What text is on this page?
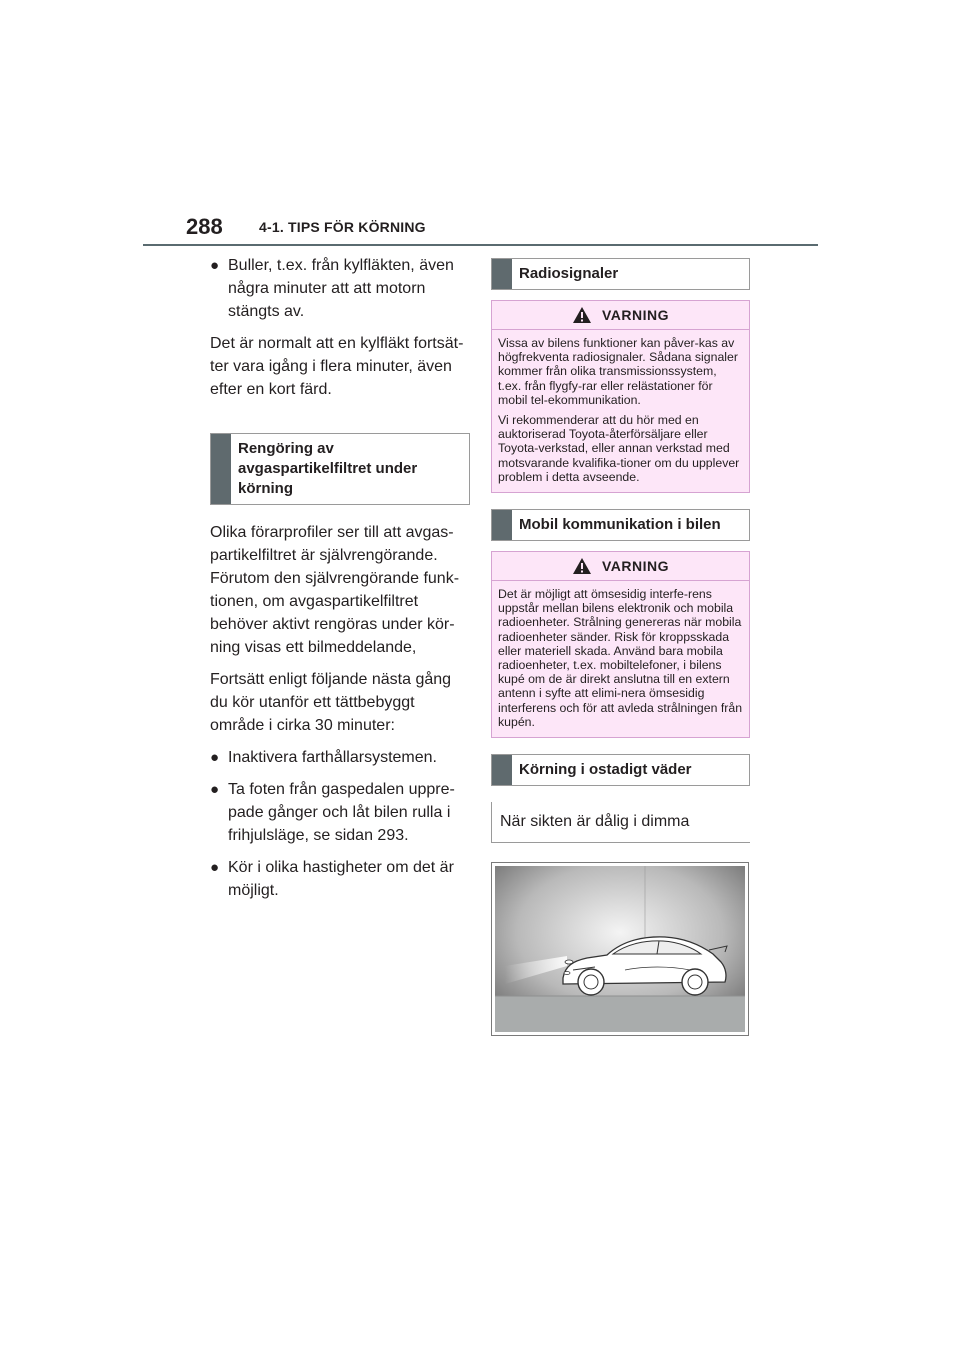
288	4-1. TIPS FÖR KÖRNING
● Buller, t.ex. från kylfläkten, även några minuter att att motorn stängts av.

Det är normalt att en kylfläkt fortsät-ter vara igång i flera minuter, även efter en kort färd.

Rengöring av avgaspartikelfiltret under körning

Olika förarprofiler ser till att avgas-partikelfiltret är självrengörande. Förutom den självrengörande funk-tionen, om avgaspartikelfiltret behöver aktivt rengöras under kör-ning visas ett bilmeddelande,

Fortsätt enligt följande nästa gång du kör utanför ett tättbebyggt område i cirka 30 minuter:

● Inaktivera farthållarsystemen.
● Ta foten från gaspedalen uppre-pade gånger och låt bilen rulla i frihjulsläge, se sidan 293.
● Kör i olika hastigheter om det är möjligt.
Radiosignaler
VARNING

Vissa av bilens funktioner kan påver-kas av högfrekventa radiosignaler. Sådana signaler kommer från olika transmissionssystem, t.ex. från flygfy-rar eller relästationer för mobil tel-ekommunikation.

Vi rekommenderar att du hör med en auktoriserad Toyota-återförsäljare eller Toyota-verkstad, eller annan verkstad med motsvarande kvalifika-tioner om du upplever problem i detta avseende.

Mobil kommunikation i bilen
VARNING

Det är möjligt att ömsesidig interfe-rens uppstår mellan bilens elektronik och mobila radioenheter. Strålning genereras när mobila radioenheter sänder. Risk för kroppsskada eller materiell skada. Använd bara mobila radioenheter, t.ex. mobiltelefoner, i bilens kupé om de är direkt anslutna till en extern antenn i syfte att elimi-nera ömsesidig interferens och för att avleda strålningen från kupén.

Körning i ostadigt väder
När sikten är dålig i dimma
